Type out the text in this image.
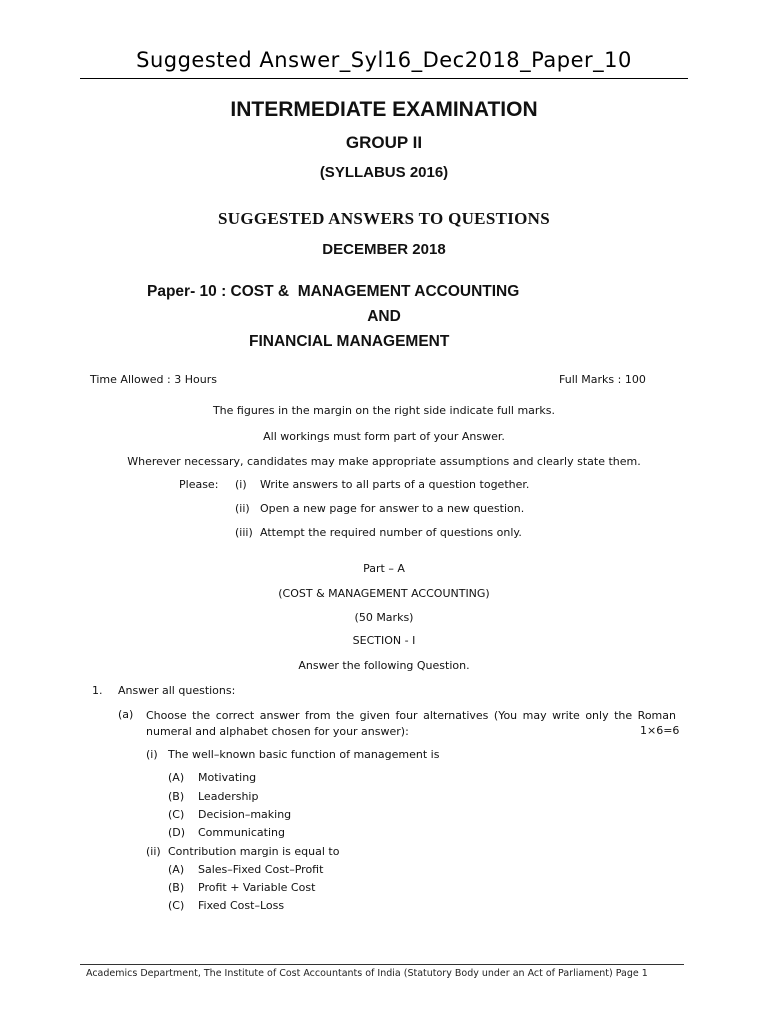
Suggested Answer_Syl16_Dec2018_Paper_10
INTERMEDIATE EXAMINATION
GROUP II
(SYLLABUS 2016)
SUGGESTED ANSWERS TO QUESTIONS
DECEMBER 2018
Paper- 10 : COST &  MANAGEMENT ACCOUNTING
AND
FINANCIAL MANAGEMENT
Time Allowed : 3 Hours	Full Marks : 100
The figures in the margin on the right side indicate full marks.
All workings must form part of your Answer.
Wherever necessary, candidates may make appropriate assumptions and clearly state them.
Please: (i) Write answers to all parts of a question together.
(ii) Open a new page for answer to a new question.
(iii) Attempt the required number of questions only.
Part – A
(COST & MANAGEMENT ACCOUNTING)
(50 Marks)
SECTION - I
Answer the following Question.
1. Answer all questions:
(a) Choose the correct answer from the given four alternatives (You may write only the Roman numeral and alphabet chosen for your answer):	1×6=6
(i) The well–known basic function of management is
(A) Motivating
(B) Leadership
(C) Decision–making
(D) Communicating
(ii) Contribution margin is equal to
(A) Sales–Fixed Cost–Profit
(B) Profit + Variable Cost
(C) Fixed Cost–Loss
Academics Department, The Institute of Cost Accountants of India (Statutory Body under an Act of Parliament) Page 1
